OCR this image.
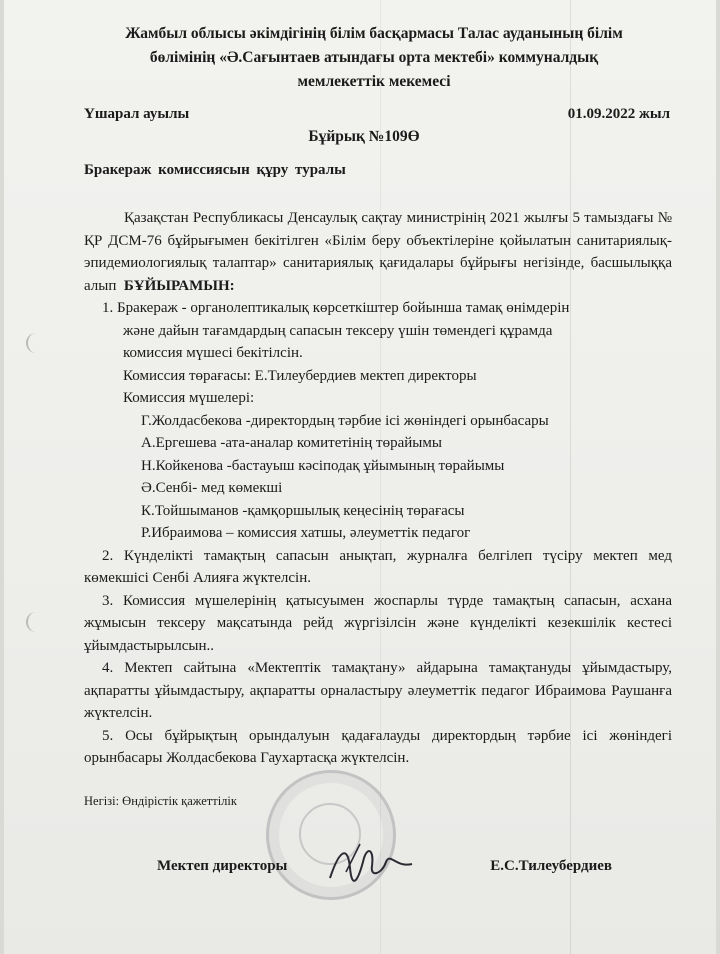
Жамбыл облысы әкімдігінің білім басқармасы Талас ауданының білім
бөлімінің «Ә.Сағынтаев атындағы орта мектебі» коммуналдық
мемлекеттік мекемесі
Үшарал ауылы	01.09.2022 жыл
Бұйрық №109Ө
Бракераж комиссиясын құру туралы
Қазақстан Республикасы Денсаулық сақтау министрінің 2021 жылғы 5 тамыздағы № ҚР ДСМ-76 бұйрығымен бекітілген «Білім беру объектілеріне қойылатын санитариялық-эпидемиологиялық талаптар» санитариялық қағидалары бұйрығы негізінде, басшылыққа алып БҰЙЫРАМЫН:
1. Бракераж - органолептикалық көрсеткіштер бойынша тамақ өнімдерін
және дайын тағамдардың сапасын тексеру үшін төмендегі құрамда
комиссия мүшесі бекітілсін.
Комиссия төрағасы: Е.Тилеубердиев мектеп директоры
Комиссия мүшелері:
Г.Жолдасбекова -директордың тәрбие ісі жөніндегі орынбасары
А.Ергешева -ата-аналар комитетінің төрайымы
Н.Койкенова -бастауыш кәсіподақ ұйымының төрайымы
Ә.Сенбі- мед көмекші
К.Тойшыманов -қамқоршылық кеңесінің төрағасы
Р.Ибраимова – комиссия хатшы, әлеуметтік педагог
2. Күнделікті тамақтың сапасын анықтап, журналға белгілеп түсіру мектеп мед көмекшісі Сенбі Алияға жүктелсін.
3. Комиссия мүшелерінің қатысуымен жоспарлы түрде тамақтың сапасын, асхана жұмысын тексеру мақсатында рейд жүргізілсін және күнделікті кезекшілік кестесі ұйымдастырылсын..
4. Мектеп сайтына «Мектептік тамақтану» айдарына тамақтануды ұйымдастыру, ақпаратты ұйымдастыру, ақпаратты орналастыру әлеуметтік педагог Ибраимова Раушанға жүктелсін.
5. Осы бұйрықтың орындалуын қадағалауды директордың тәрбие ісі жөніндегі орынбасары Жолдасбекова Гаухартасқа жүктелсін.
Негізі: Өндірістік қажеттілік
Мектеп директоры	Е.С.Тилеубердиев
